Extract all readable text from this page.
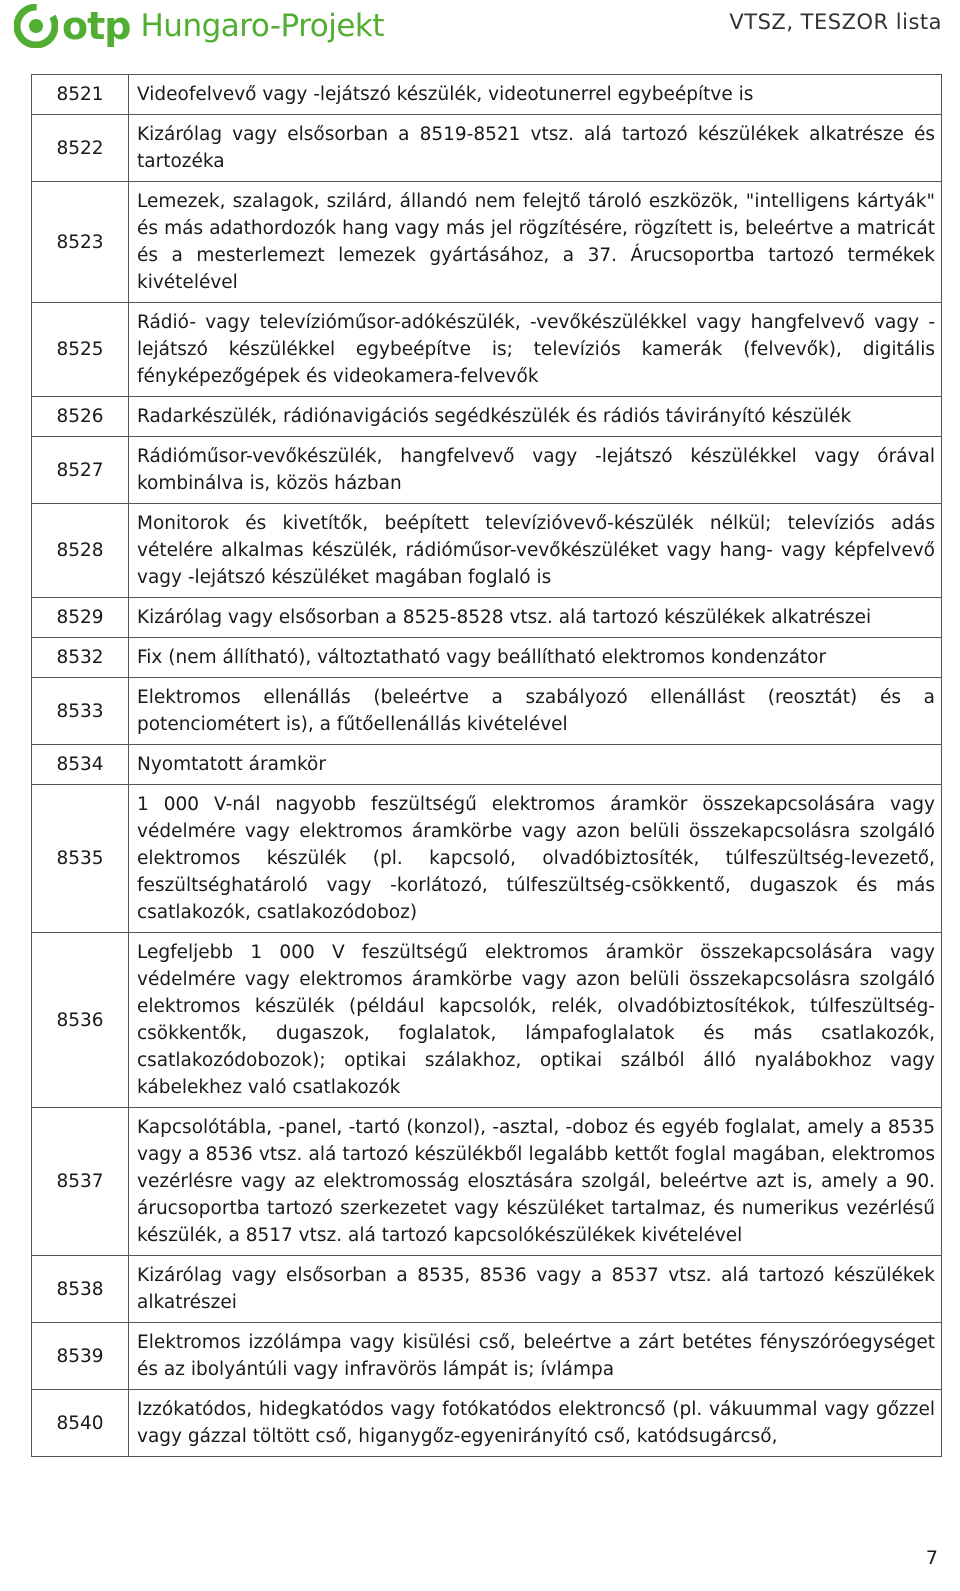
otp Hungaro-Projekt	VTSZ, TESZOR lista
8521	Videofelvevő vagy -lejátszó készülék, videotunerrel egybeépítve is
8522	Kizárólag vagy elsősorban a 8519-8521 vtsz. alá tartozó készülékek alkatrésze és tartozéka
8523	Lemezek, szalagok, szilárd, állandó nem felejtő tároló eszközök, "intelligens kártyák" és más adathordozók hang vagy más jel rögzítésére, rögzített is, beleértve a matricát és a mesterlemezt lemezek gyártásához, a 37. Árucsoportba tartozó termékek kivételével
8525	Rádió- vagy televízióműsor-adókészülék, -vevőkészülékkel vagy hangfelvevő vagy -lejátszó készülékkel egybeépítve is; televíziós kamerák (felvevők), digitális fényképezőgépek és videokamera-felvevők
8526	Radarkészülék, rádiónavigációs segédkészülék és rádiós távirányító készülék
8527	Rádióműsor-vevőkészülék, hangfelvevő vagy -lejátszó készülékkel vagy órával kombinálva is, közös házban
8528	Monitorok és kivetítők, beépített televízióvevő-készülék nélkül; televíziós adás vételére alkalmas készülék, rádióműsor-vevőkészüléket vagy hang- vagy képfelvevő vagy -lejátszó készüléket magában foglaló is
8529	Kizárólag vagy elsősorban a 8525-8528 vtsz. alá tartozó készülékek alkatrészei
8532	Fix (nem állítható), változtatható vagy beállítható elektromos kondenzátor
8533	Elektromos ellenállás (beleértve a szabályozó ellenállást (reosztát) és a potenciométert is), a fűtőellenállás kivételével
8534	Nyomtatott áramkör
8535	1 000 V-nál nagyobb feszültségű elektromos áramkör összekapcsolására vagy védelmére vagy elektromos áramkörbe vagy azon belüli összekapcsolásra szolgáló elektromos készülék (pl. kapcsoló, olvadóbiztosíték, túlfeszültség-levezető, feszültséghatároló vagy -korlátozó, túlfeszültség-csökkentő, dugaszok és más csatlakozók, csatlakozódoboz)
8536	Legfeljebb 1 000 V feszültségű elektromos áramkör összekapcsolására vagy védelmére vagy elektromos áramkörbe vagy azon belüli összekapcsolásra szolgáló elektromos készülék (például kapcsolók, relék, olvadóbiztosítékok, túlfeszültség-csökkentők, dugaszok, foglalatok, lámpafoglalatok és más csatlakozók, csatlakozódobozok); optikai szálakhoz, optikai szálból álló nyalábokhoz vagy kábelekhez való csatlakozók
8537	Kapcsolótábla, -panel, -tartó (konzol), -asztal, -doboz és egyéb foglalat, amely a 8535 vagy a 8536 vtsz. alá tartozó készülékből legalább kettőt foglal magában, elektromos vezérlésre vagy az elektromosság elosztására szolgál, beleértve azt is, amely a 90. árucsoportba tartozó szerkezetet vagy készüléket tartalmaz, és numerikus vezérlésű készülék, a 8517 vtsz. alá tartozó kapcsolókészülékek kivételével
8538	Kizárólag vagy elsősorban a 8535, 8536 vagy a 8537 vtsz. alá tartozó készülékek alkatrészei
8539	Elektromos izzólámpa vagy kisülési cső, beleértve a zárt betétes fényszóróegységet és az ibolyántúli vagy infravörös lámpát is; ívlámpa
8540	Izzókatódos, hidegkatódos vagy fotókatódos elektroncső (pl. vákuummal vagy gőzzel vagy gázzal töltött cső, higanygőz-egyenirányító cső, katódsugárcső,
7
